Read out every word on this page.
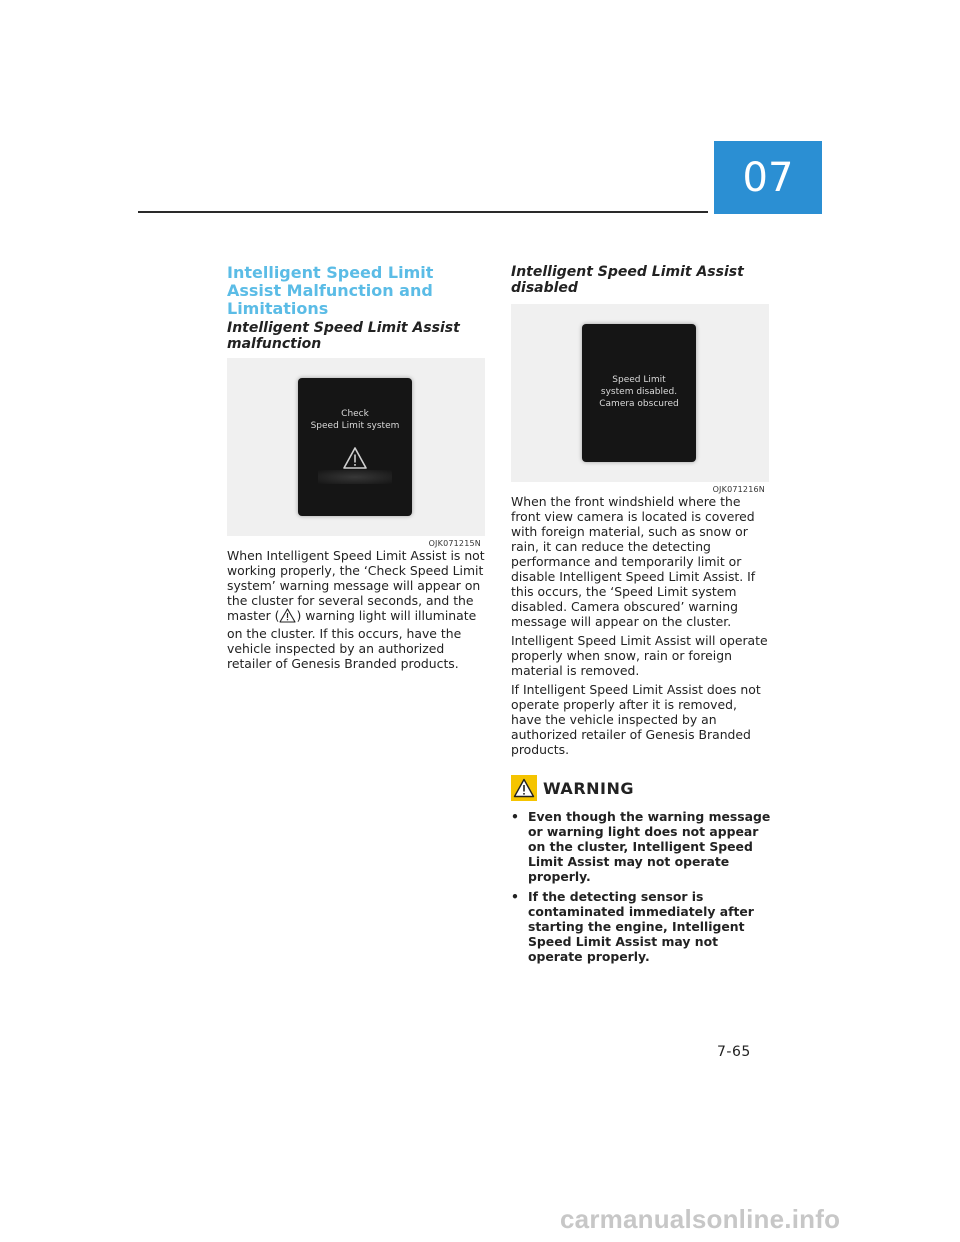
07
Intelligent Speed Limit Assist Malfunction and Limitations
Intelligent Speed Limit Assist malfunction
Check
Speed Limit system
OJK071215N

When Intelligent Speed Limit Assist is not working properly, the ‘Check Speed Limit system’ warning message will appear on the cluster for several seconds, and the master ( ) warning light will illuminate on the cluster. If this occurs, have the vehicle inspected by an authorized retailer of Genesis Branded products.

Intelligent Speed Limit Assist disabled
Speed Limit
system disabled.
Camera obscured
OJK071216N

When the front windshield where the front view camera is located is covered with foreign material, such as snow or rain, it can reduce the detecting performance and temporarily limit or disable Intelligent Speed Limit Assist. If this occurs, the ‘Speed Limit system disabled. Camera obscured’ warning message will appear on the cluster.

Intelligent Speed Limit Assist will operate properly when snow, rain or foreign material is removed.

If Intelligent Speed Limit Assist does not operate properly after it is removed, have the vehicle inspected by an authorized retailer of Genesis Branded products.

WARNING
• Even though the warning message or warning light does not appear on the cluster, Intelligent Speed Limit Assist may not operate properly.
• If the detecting sensor is contaminated immediately after starting the engine, Intelligent Speed Limit Assist may not operate properly.
7-65
carmanualsonline.info
